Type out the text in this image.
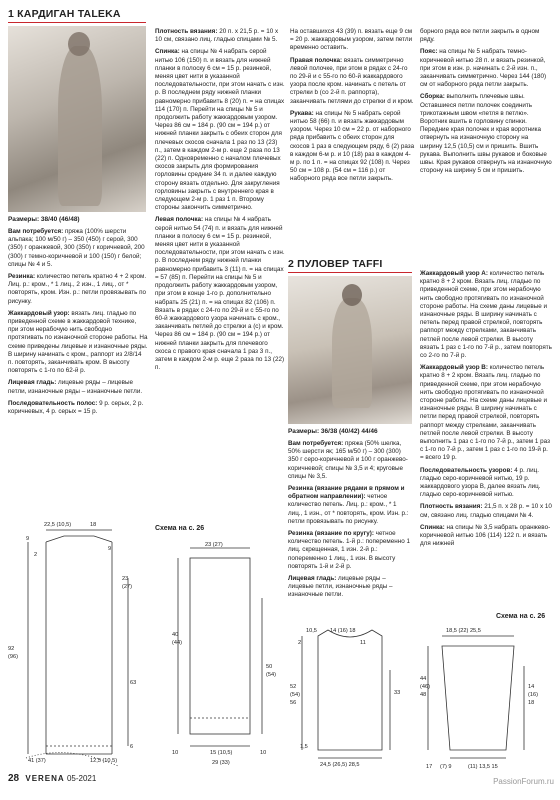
1 КАРДИГАН TALEKA
Размеры: 38/40 (46/48)

Вам потребуется: пряжа (100% шерсти альпака; 100 м/50 г) – 350 (450) г серой, 300 (350) г оранжевой, 300 (350) г коричневой, 200 (300) г темно-коричневой и 100 (150) г белой; спицы № 4 и 5.

Резинка: количество петель кратно 4 + 2 кром. Лиц. р.: кром., * 1 лиц., 2 изн., 1 лиц., от * повторять, кром. Изн. р.: петли провязывать по рисунку.

Жаккардовый узор: вязать лиц. гладью по приведенной схеме в жаккардовой технике, при этом нерабочую нить свободно протягивать по изнаночной стороне работы. На схеме приведены лицевые и изнаночные ряды. В ширину начинать с кром., раппорт из 2/8/14 п. повторять, заканчивать кром. В высоту повторять с 1-го по 62-й р.

Лицевая гладь: лицевые ряды – лицевые петли, изнаночные ряды – изнаночные петли.

Последовательность полос: 9 р. серых, 2 р. коричневых, 4 р. серых = 15 р.

Плотность вязания: 20 п. х 21,5 р. = 10 х 10 см, связано лиц. гладью спицами № 5.

Спинка: на спицы № 4 набрать серой нитью 106 (150) п. и вязать для нижней планки в полоску 6 см = 15 р. резинкой, меняя цвет нити в указанной последовательности, при этом начать с изн. р. В последнем ряду нижней планки равномерно прибавить 8 (20) п. = на спицах 114 (170) п. Перейти на спицы № 5 и продолжить работу жаккардовым узором. Через 86 см = 184 р. (90 см = 194 р.) от нижней планки закрыть с обеих сторон для плечевых скосов сначала 1 раз по 13 (23) п., затем в каждом 2-м р. еще 2 раза по 13 (22) п. Одновременно с началом плечевых скосов закрыть для формирования горловины средние 34 п. и далее каждую сторону вязать отдельно. Для закругления горловины закрыть с внутреннего края в следующем 2-м р. 1 раз 1 п. Второму стороны закончить симметрично.

Левая полочка: на спицы № 4 набрать серой нитью 54 (74) п. и вязать для нижней планки в полоску 6 см = 15 р. резинкой, меняя цвет нити в указанной последовательности, при этом начать с изн. р. В последнем ряду нижней планки равномерно прибавить 3 (11) п. = на спицах = 57 (85) п. Перейти на спицы № 5 и продолжить работу жаккардовым узором, при этом в конце 1-го р. дополнительно набрать 25 (21) п. = на спицах 82 (106) п. Вязать в рядах с 24-го по 29-й и с 55-го по 60-й жаккардового узора начинать с кром., заканчивать петлей до стрелки а (с) и кром. Через 86 см = 184 р. (90 см = 194 р.) от нижней планки закрыть для плечевого скоса с правого края сначала 1 раз 3 п., затем в каждом 2-м р. еще 2 раза по 13 (22) п.

На оставшихся 43 (39) п. вязать еще 9 см = 20 р. жаккардовым узором, затем петли временно оставить.

Правая полочка: вязать симметрично левой полочке, при этом в рядах с 24-го по 29-й и с 55-го по 60-й жаккардового узора после кром. начинать с петель от стрелки b (со 2-й п. раппорта), заканчивать петлями до стрелки d и кром.

Рукава: на спицы № 5 набрать серой нитью 58 (66) п. и вязать жаккардовым узором. Через 10 см = 22 р. от наборного ряда прибавить с обеих сторон для скосов 1 раз в следующем ряду, 6 (2) раза в каждом 6-м р. и 10 (18) раз в каждом 4-м р. по 1 п. = на спицах 92 (108) п. Через 50 см = 108 р. (54 см = 116 р.) от наборного ряда все петли закрыть.

борного ряда все петли закрыть в одном ряду.

Пояс: на спицы № 5 набрать темно-коричневой нитью 28 п. и вязать резинкой, при этом в изн. р. начинать с 2-й изн. п., заканчивать симметрично. Через 144 (180) см от наборного ряда петли закрыть.

Сборка: выполнить плечевые швы. Оставшиеся петли полочек соединить трикотажным швом «петля в петлю». Воротник вшить в горловину спинки. Передние края полочек и края воротника отвернуть на изнаночную сторону на ширину 12,5 (10,5) см и пришить. Вшить рукава. Выполнить швы рукавов и боковые швы. Края рукавов отвернуть на изнаночную сторону на ширину 5 см и пришить.

2 ПУЛОВЕР TAFFI
Размеры: 36/38 (40/42) 44/46

Вам потребуется: пряжа (50% шелка, 50% шерсти як; 165 м/50 г) – 300 (300) 350 г серо-коричневой и 100 г оранжево-коричневой; спицы № 3,5 и 4; круговые спицы № 3,5.

Резинка (вязание рядами в прямом и обратном направлении): четное количество петель. Лиц. р.: кром., * 1 лиц., 1 изн., от * повторять, кром. Изн. р.: петли провязывать по рисунку.

Резинка (вязание по кругу): четное количество петель. 1-й р.: попеременно 1 лиц. скрещенная, 1 изн. 2-й р.: попеременно 1 лиц., 1 изн. В высоту повторять 1-й и 2-й р.

Лицевая гладь: лицевые ряды – лицевые петли, изнаночные ряды – изнаночные петли.

Жаккардовый узор А: количество петель кратно 8 + 2 кром. Вязать лиц. гладью по приведенной схеме, при этом нерабочую нить свободно протягивать по изнаночной стороне работы. На схеме даны лицевые и изнаночные ряды. В ширину начинать с петель перед правой стрелкой, повторять раппорт между стрелками, заканчивать петлей после левой стрелки. В высоту вязать 1 раз с 1-го по 7-й р., затем повторять со 2-го по 7-й р.

Жаккардовый узор В: количество петель кратно 8 + 2 кром. Вязать лиц. гладью по приведенной схеме, при этом нерабочую нить свободно протягивать по изнаночной стороне работы. На схеме даны лицевые и изнаночные ряды. В ширину начинать с петли перед правой стрелкой, повторять раппорт между стрелками, заканчивать петлей после левой стрелки. В высоту выполнить 1 раз с 1-го по 7-й р., затем 1 раз с 1-го по 7-й р., затем 1 раз с 1-го по 19-й р. = всего 19 р.

Последовательность узоров: 4 р. лиц. гладью серо-коричневой нитью, 19 р. жаккардового узора В, далее вязать лиц. гладью серо-коричневой нитью.

Плотность вязания: 21,5 п. х 28 р. = 10 х 10 см, связано лиц. гладью спицами № 4.

Спинка: на спицы № 3,5 набрать оранжево-коричневой нитью 106 (114) 122 п. и вязать для нижней

Схема на с. 26
Схема на с. 26
22,5 (10,5)	18
9
2
9
23
(27)
92
(96)
63
6
41 (37)	12,5 (10,5)
23 (27)
40
(44)
50
(54)
10	15 (10,5)	10
29 (33)
10,5 14 (16) 18
2	11
52
(54)
56
33
1,5
24,5 (26,5) 28,5
18,5 (22) 25,5
44
(46)
48
14
(16)
18
17 (7) 9	(11) 13,5 15
28 VERENA 05-2021	PassionForum.ru
